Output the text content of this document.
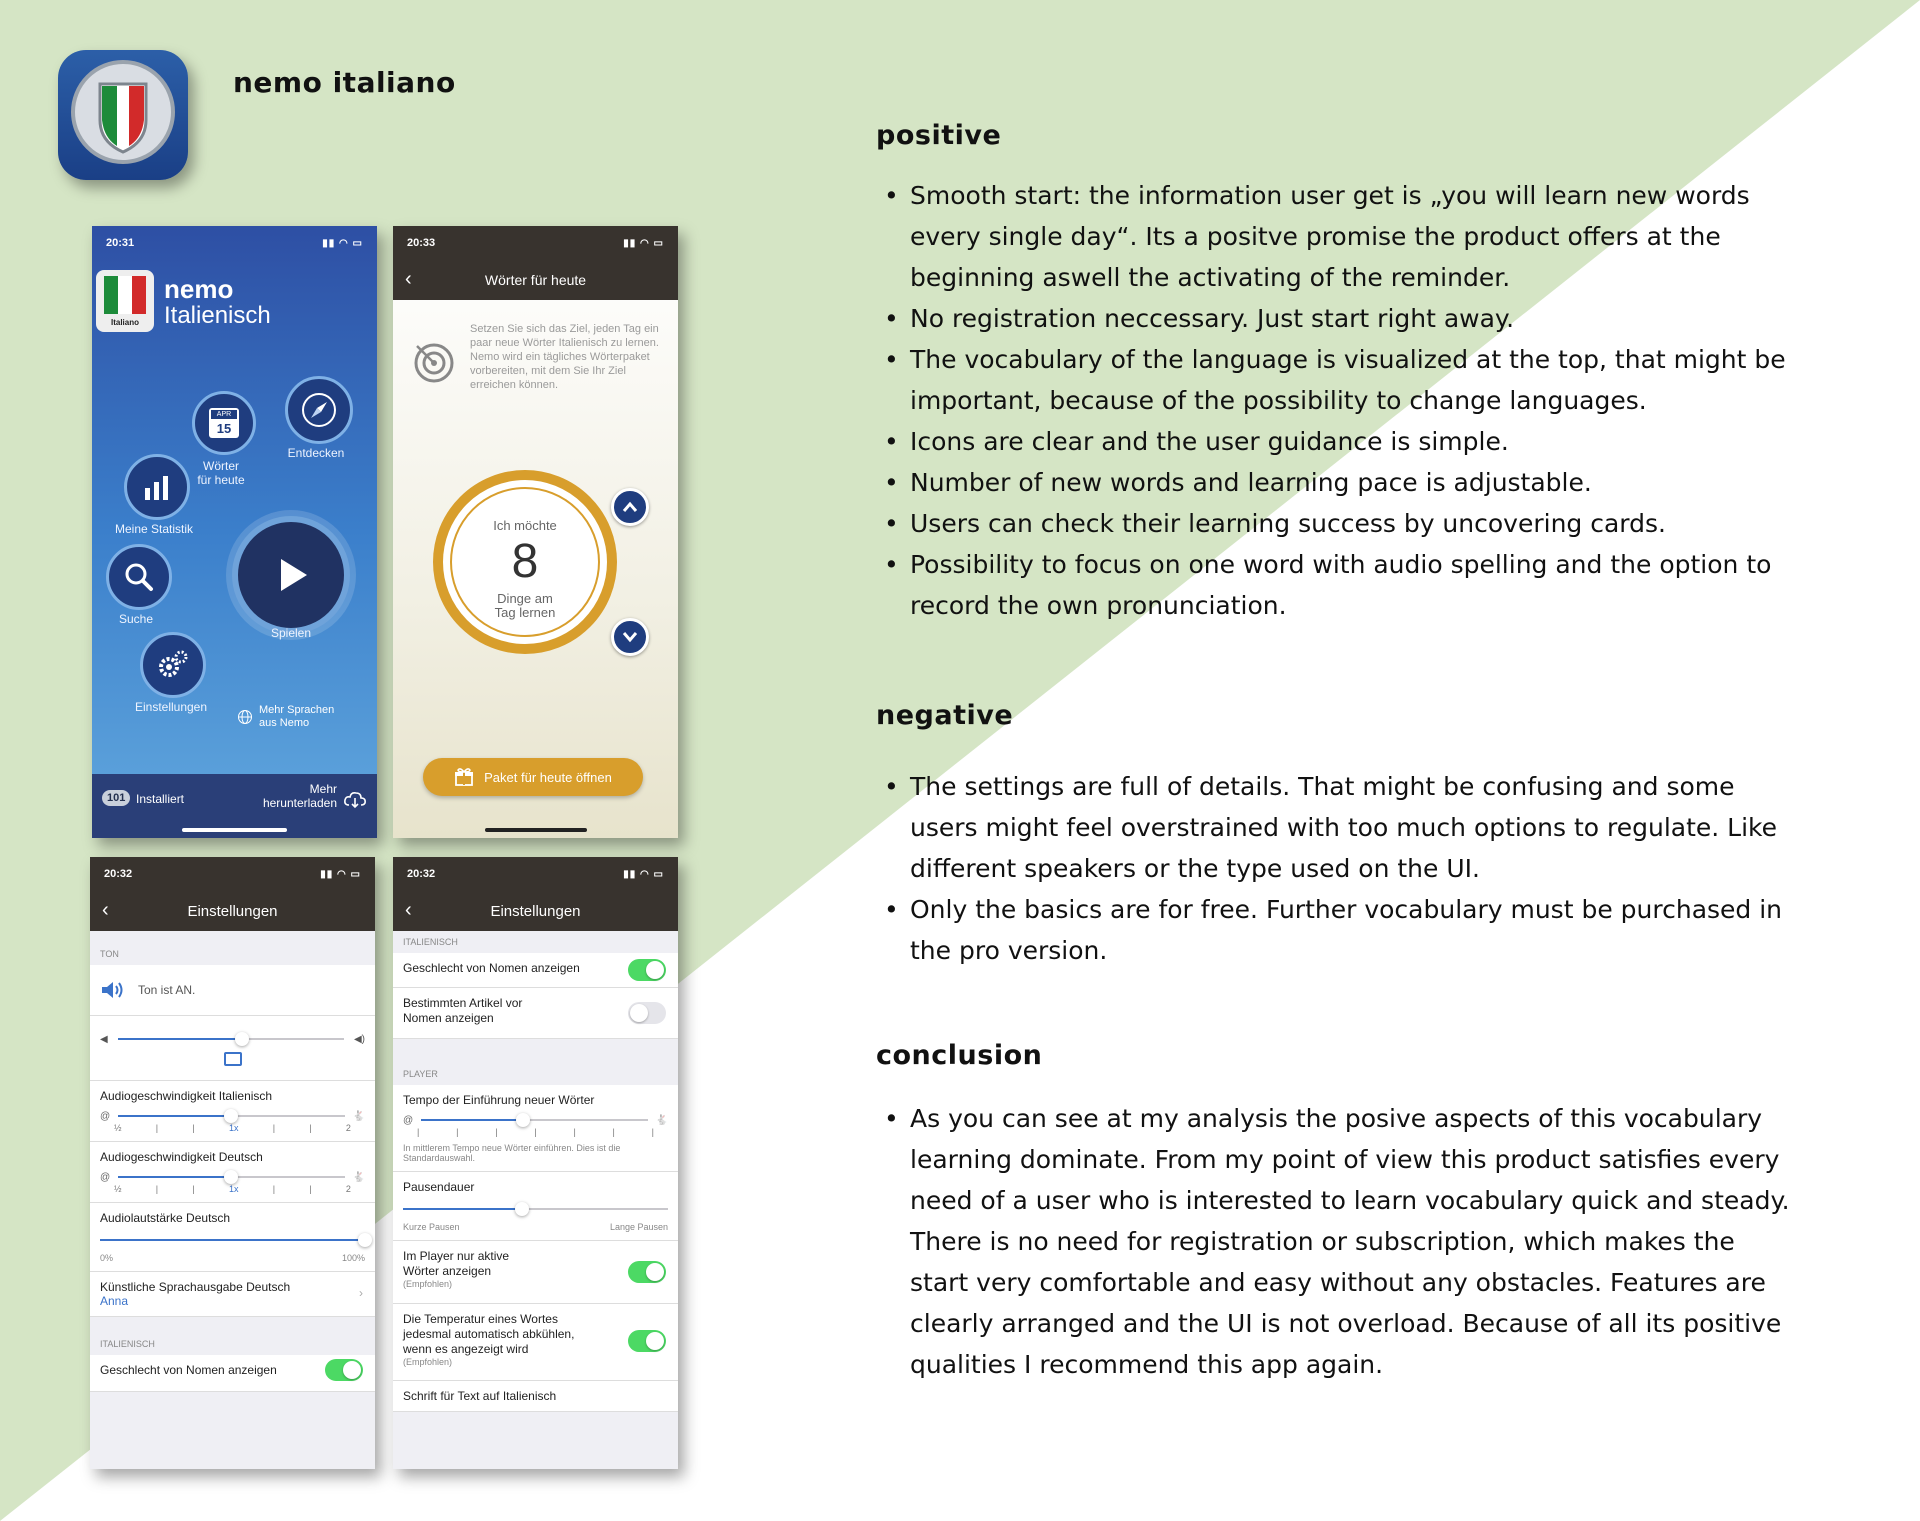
nemo italiano
20:31	▮▮ ◠ ▭
Italiano
nemo
Italienisch
APR
15
Wörter
für heute
Entdecken
Meine Statistik
Suche
Spielen
Einstellungen	Mehr Sprachen
aus Nemo
101 Installiert
Mehr
herunterladen
20:33	▮▮ ◠ ▭
‹	Wörter für heute
Setzen Sie sich das Ziel, jeden Tag ein paar neue Wörter Italienisch zu lernen. Nemo wird ein tägliches Wörterpaket vorbereiten, mit dem Sie Ihr Ziel erreichen können.
Ich möchte
8
Dinge am
Tag lernen
Paket für heute öffnen
20:32	▮▮ ◠ ▭
‹	Einstellungen
TON
Ton ist AN.
◀	◀)
Audiogeschwindigkeit Italienisch
@	🐇
½	|	|	1x	|	|	2
Audiogeschwindigkeit Deutsch
@	🐇
½	|	|	1x	|	|	2
Audiolautstärke Deutsch
0%	100%
Künstliche Sprachausgabe Deutsch
Anna
›
ITALIENISCH
Geschlecht von Nomen anzeigen
20:32	▮▮ ◠ ▭
‹	Einstellungen
ITALIENISCH
Geschlecht von Nomen anzeigen
Bestimmten Artikel vor
Nomen anzeigen
PLAYER
Tempo der Einführung neuer Wörter
@	🐇
|	|	|	|	|	|	|
In mittlerem Tempo neue Wörter einführen. Dies ist die Standardauswahl.
Pausendauer
Kurze Pausen	Lange Pausen
Im Player nur aktive
Wörter anzeigen
(Empfohlen)
Die Temperatur eines Wortes
jedesmal automatisch abkühlen,
wenn es angezeigt wird
(Empfohlen)
Schrift für Text auf Italienisch
positive
• Smooth start: the information user get is „you will learn new words every single day“. Its a positve promise the product offers at the beginning aswell the activating of the reminder.
• No registration neccessary. Just start right away.
• The vocabulary of the language is visualized at the top, that might be important, because of the possibility to change languages.
• Icons are clear and the user guidance is simple.
• Number of new words and learning pace is adjustable.
• Users can check their learning success by uncovering cards.
• Possibility to focus on one word with audio spelling and the option to record the own pronunciation.
negative
• The settings are full of details. That might be confusing and some users might feel overstrained with too much options to regulate. Like different speakers or the type used on the UI.
• Only the basics are for free. Further vocabulary must be purchased in the pro version.
conclusion
• As you can see at my analysis the posive aspects of this vocabulary learning dominate. From my point of view this product satisfies every need of a user who is interested to learn vocabulary quick and steady. There is no need for registration or subscription, which makes the start very comfortable and easy without any obstacles. Features are clearly arranged and the UI is not overload. Because of all its positive qualities I recommend this app again.
